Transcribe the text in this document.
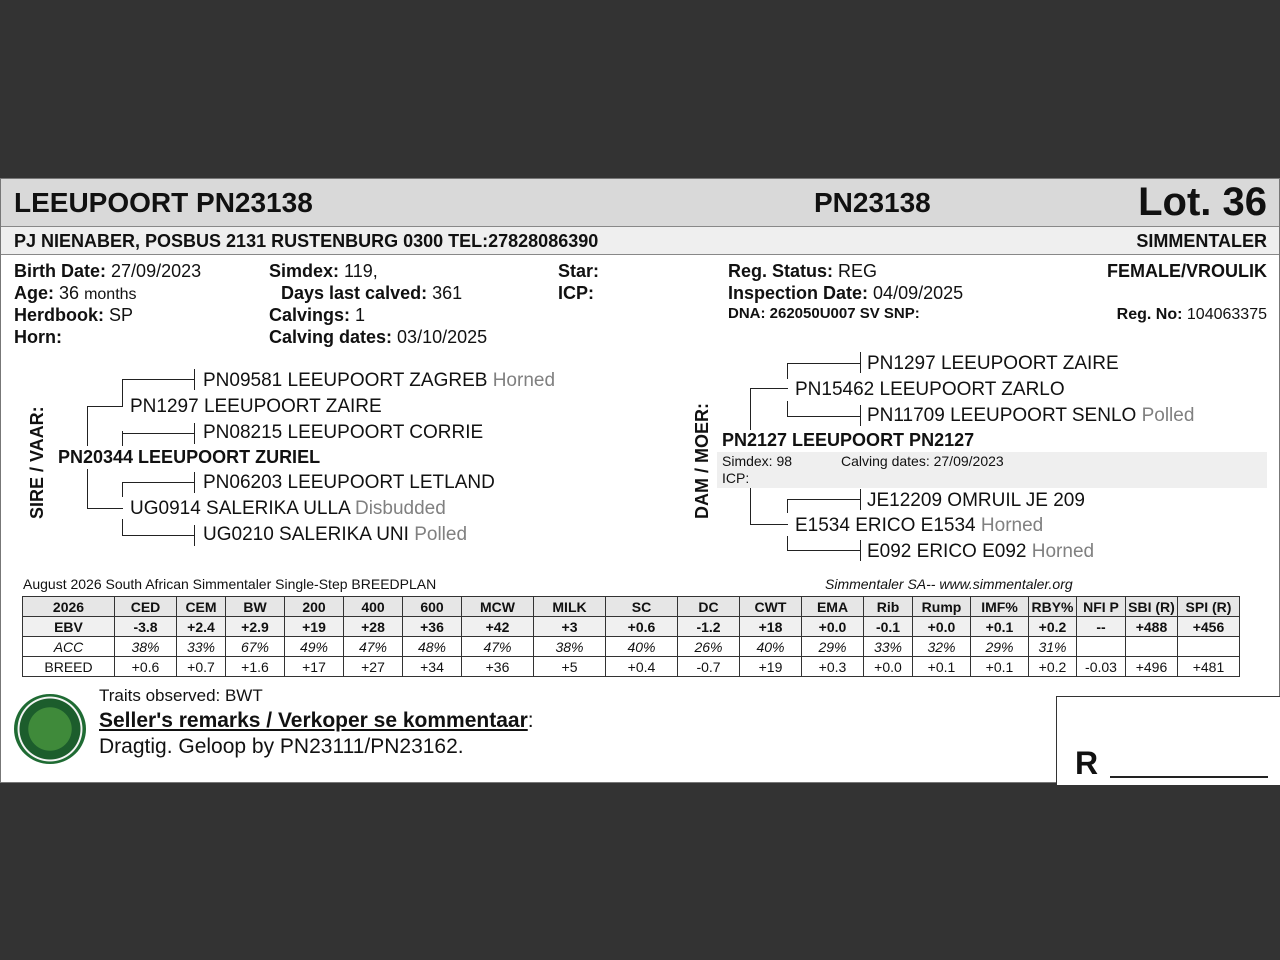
LEEUPOORT PN23138	PN23138	Lot. 36
PJ NIENABER, POSBUS 2131 RUSTENBURG 0300 TEL:27828086390	SIMMENTALER
Birth Date: 27/09/2023
Age: 36 months
Herdbook: SP
Horn:
Simdex: 119,
Days last calved: 361
Calvings: 1
Calving dates: 03/10/2025
Star:
ICP:
Reg. Status: REG
Inspection Date: 04/09/2025
DNA: 262050U007 SV SNP:
FEMALE/VROULIK
Reg. No: 104063375
SIRE / VAAR:
PN09581 LEEUPOORT ZAGREB Horned
PN1297 LEEUPOORT ZAIRE
PN08215 LEEUPOORT CORRIE
PN20344 LEEUPOORT ZURIEL
PN06203 LEEUPOORT LETLAND
UG0914 SALERIKA ULLA Disbudded
UG0210 SALERIKA UNI Polled
DAM / MOER:
PN1297 LEEUPOORT ZAIRE
PN15462 LEEUPOORT ZARLO
PN11709 LEEUPOORT SENLO Polled
PN2127 LEEUPOORT PN2127
Simdex: 98	Calving dates: 27/09/2023
ICP:
JE12209 OMRUIL JE 209
E1534 ERICO E1534 Horned
E092 ERICO E092 Horned
August 2026 South African Simmentaler Single-Step BREEDPLAN	Simmentaler SA-- www.simmentaler.org
2026	CED	CEM	BW	200	400	600	MCW	MILK	SC	DC	CWT	EMA	Rib	Rump	IMF%	RBY%	NFI P	SBI (R)	SPI (R)
EBV	-3.8	+2.4	+2.9	+19	+28	+36	+42	+3	+0.6	-1.2	+18	+0.0	-0.1	+0.0	+0.1	+0.2	--	+488	+456
ACC	38%	33%	67%	49%	47%	48%	47%	38%	40%	26%	40%	29%	33%	32%	29%	31%			
BREED	+0.6	+0.7	+1.6	+17	+27	+34	+36	+5	+0.4	-0.7	+19	+0.3	+0.0	+0.1	+0.1	+0.2	-0.03	+496	+481
Traits observed: BWT
Seller's remarks / Verkoper se kommentaar:
Dragtig. Geloop by PN23111/PN23162.	R
